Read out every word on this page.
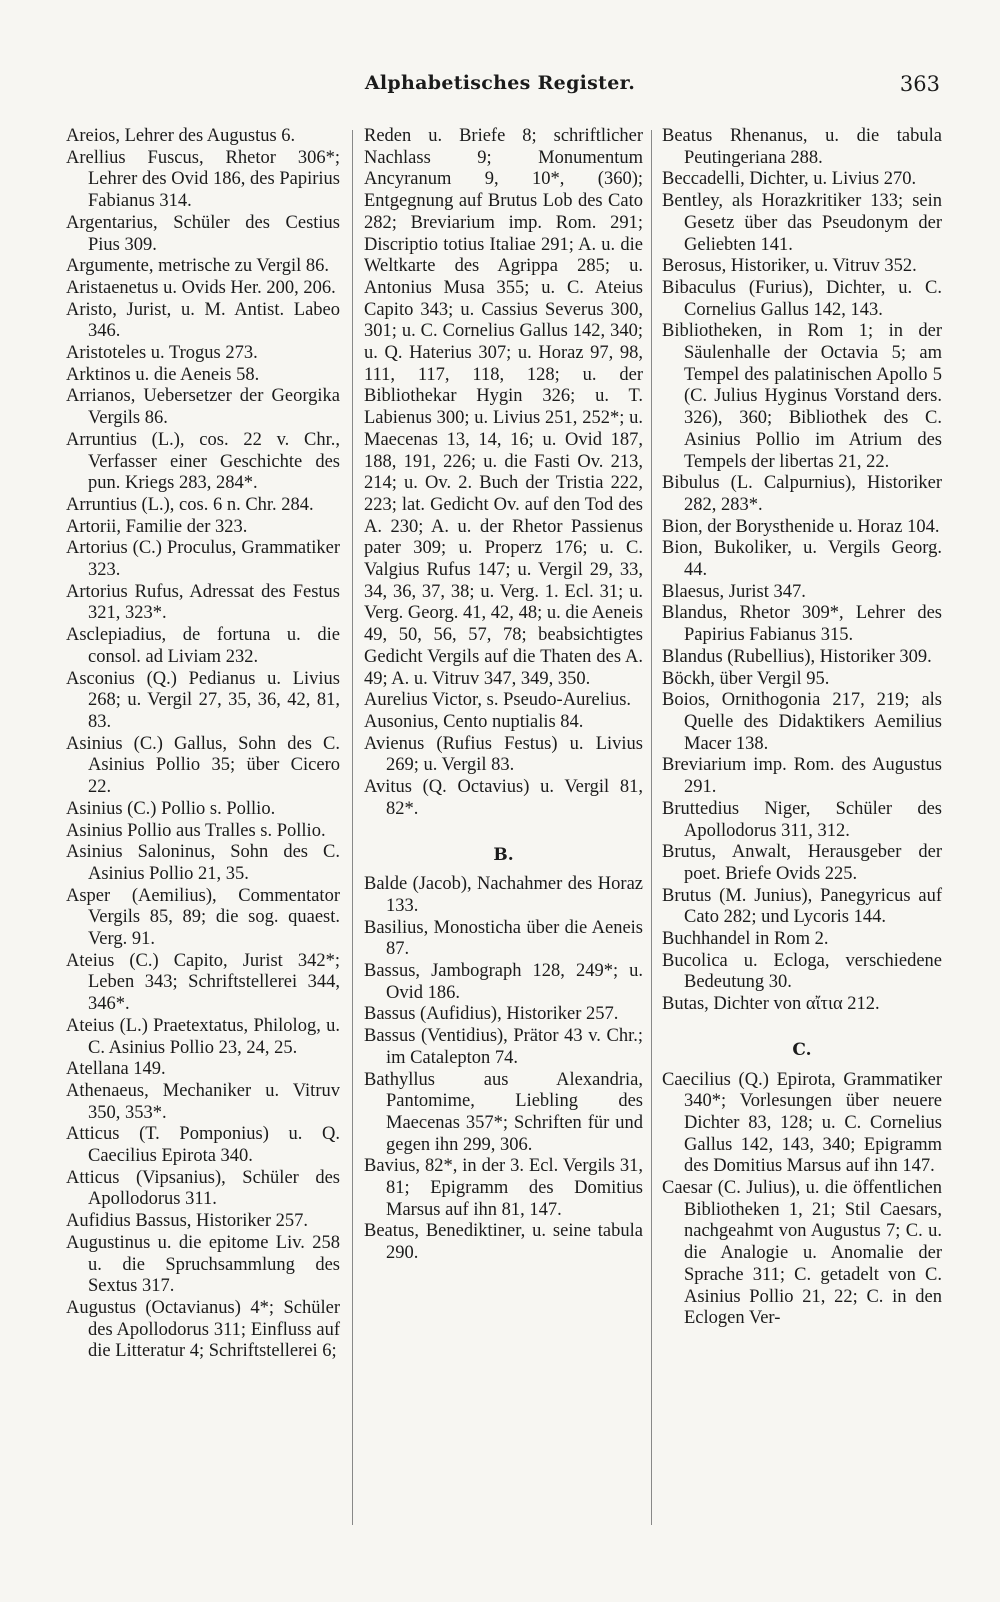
Alphabetisches Register.	363

Areios, Lehrer des Augustus 6.

Arellius Fuscus, Rhetor 306*; Lehrer des Ovid 186, des Papirius Fabianus 314.

Argentarius, Schüler des Cestius Pius 309.

Argumente, metrische zu Vergil 86.

Aristaenetus u. Ovids Her. 200, 206.

Aristo, Jurist, u. M. Antist. Labeo 346.

Aristoteles u. Trogus 273.

Arktinos u. die Aeneis 58.

Arrianos, Uebersetzer der Georgika Vergils 86.

Arruntius (L.), cos. 22 v. Chr., Verfasser einer Geschichte des pun. Kriegs 283, 284*.

Arruntius (L.), cos. 6 n. Chr. 284.

Artorii, Familie der 323.

Artorius (C.) Proculus, Grammatiker 323.

Artorius Rufus, Adressat des Festus 321, 323*.

Asclepiadius, de fortuna u. die consol. ad Liviam 232.

Asconius (Q.) Pedianus u. Livius 268; u. Vergil 27, 35, 36, 42, 81, 83.

Asinius (C.) Gallus, Sohn des C. Asinius Pollio 35; über Cicero 22.

Asinius (C.) Pollio s. Pollio.

Asinius Pollio aus Tralles s. Pollio.

Asinius Saloninus, Sohn des C. Asinius Pollio 21, 35.

Asper (Aemilius), Commentator Vergils 85, 89; die sog. quaest. Verg. 91.

Ateius (C.) Capito, Jurist 342*; Leben 343; Schriftstellerei 344, 346*.

Ateius (L.) Praetextatus, Philolog, u. C. Asinius Pollio 23, 24, 25.

Atellana 149.

Athenaeus, Mechaniker u. Vitruv 350, 353*.

Atticus (T. Pomponius) u. Q. Caecilius Epirota 340.

Atticus (Vipsanius), Schüler des Apollodorus 311.

Aufidius Bassus, Historiker 257.

Augustinus u. die epitome Liv. 258 u. die Spruchsammlung des Sextus 317.

Augustus (Octavianus) 4*; Schüler des Apollodorus 311; Einfluss auf die Litteratur 4; Schriftstellerei 6;

Reden u. Briefe 8; schriftlicher Nachlass 9; Monumentum Ancyranum 9, 10*, (360); Entgegnung auf Brutus Lob des Cato 282; Breviarium imp. Rom. 291; Discriptio totius Italiae 291; A. u. die Weltkarte des Agrippa 285; u. Antonius Musa 355; u. C. Ateius Capito 343; u. Cassius Severus 300, 301; u. C. Cornelius Gallus 142, 340; u. Q. Haterius 307; u. Horaz 97, 98, 111, 117, 118, 128; u. der Bibliothekar Hygin 326; u. T. Labienus 300; u. Livius 251, 252*; u. Maecenas 13, 14, 16; u. Ovid 187, 188, 191, 226; u. die Fasti Ov. 213, 214; u. Ov. 2. Buch der Tristia 222, 223; lat. Gedicht Ov. auf den Tod des A. 230; A. u. der Rhetor Passienus pater 309; u. Properz 176; u. C. Valgius Rufus 147; u. Vergil 29, 33, 34, 36, 37, 38; u. Verg. 1. Ecl. 31; u. Verg. Georg. 41, 42, 48; u. die Aeneis 49, 50, 56, 57, 78; beabsichtigtes Gedicht Vergils auf die Thaten des A. 49; A. u. Vitruv 347, 349, 350.

Aurelius Victor, s. Pseudo-Aurelius.

Ausonius, Cento nuptialis 84.

Avienus (Rufius Festus) u. Livius 269; u. Vergil 83.

Avitus (Q. Octavius) u. Vergil 81, 82*.

B.

Balde (Jacob), Nachahmer des Horaz 133.

Basilius, Monosticha über die Aeneis 87.

Bassus, Jambograph 128, 249*; u. Ovid 186.

Bassus (Aufidius), Historiker 257.

Bassus (Ventidius), Prätor 43 v. Chr.; im Catalepton 74.

Bathyllus aus Alexandria, Pantomime, Liebling des Maecenas 357*; Schriften für und gegen ihn 299, 306.

Bavius, 82*, in der 3. Ecl. Vergils 31, 81; Epigramm des Domitius Marsus auf ihn 81, 147.

Beatus, Benediktiner, u. seine tabula 290.

Beatus Rhenanus, u. die tabula Peutingeriana 288.

Beccadelli, Dichter, u. Livius 270.

Bentley, als Horazkritiker 133; sein Gesetz über das Pseudonym der Geliebten 141.

Berosus, Historiker, u. Vitruv 352.

Bibaculus (Furius), Dichter, u. C. Cornelius Gallus 142, 143.

Bibliotheken, in Rom 1; in der Säulenhalle der Octavia 5; am Tempel des palatinischen Apollo 5 (C. Julius Hyginus Vorstand ders. 326), 360; Bibliothek des C. Asinius Pollio im Atrium des Tempels der libertas 21, 22.

Bibulus (L. Calpurnius), Historiker 282, 283*.

Bion, der Borysthenide u. Horaz 104.

Bion, Bukoliker, u. Vergils Georg. 44.

Blaesus, Jurist 347.

Blandus, Rhetor 309*, Lehrer des Papirius Fabianus 315.

Blandus (Rubellius), Historiker 309.

Böckh, über Vergil 95.

Boios, Ornithogonia 217, 219; als Quelle des Didaktikers Aemilius Macer 138.

Breviarium imp. Rom. des Augustus 291.

Bruttedius Niger, Schüler des Apollodorus 311, 312.

Brutus, Anwalt, Herausgeber der poet. Briefe Ovids 225.

Brutus (M. Junius), Panegyricus auf Cato 282; und Lycoris 144.

Buchhandel in Rom 2.

Bucolica u. Ecloga, verschiedene Bedeutung 30.

Butas, Dichter von αἴτια 212.

C.

Caecilius (Q.) Epirota, Grammatiker 340*; Vorlesungen über neuere Dichter 83, 128; u. C. Cornelius Gallus 142, 143, 340; Epigramm des Domitius Marsus auf ihn 147.

Caesar (C. Julius), u. die öffentlichen Bibliotheken 1, 21; Stil Caesars, nachgeahmt von Augustus 7; C. u. die Analogie u. Anomalie der Sprache 311; C. getadelt von C. Asinius Pollio 21, 22; C. in den Eclogen Ver-
